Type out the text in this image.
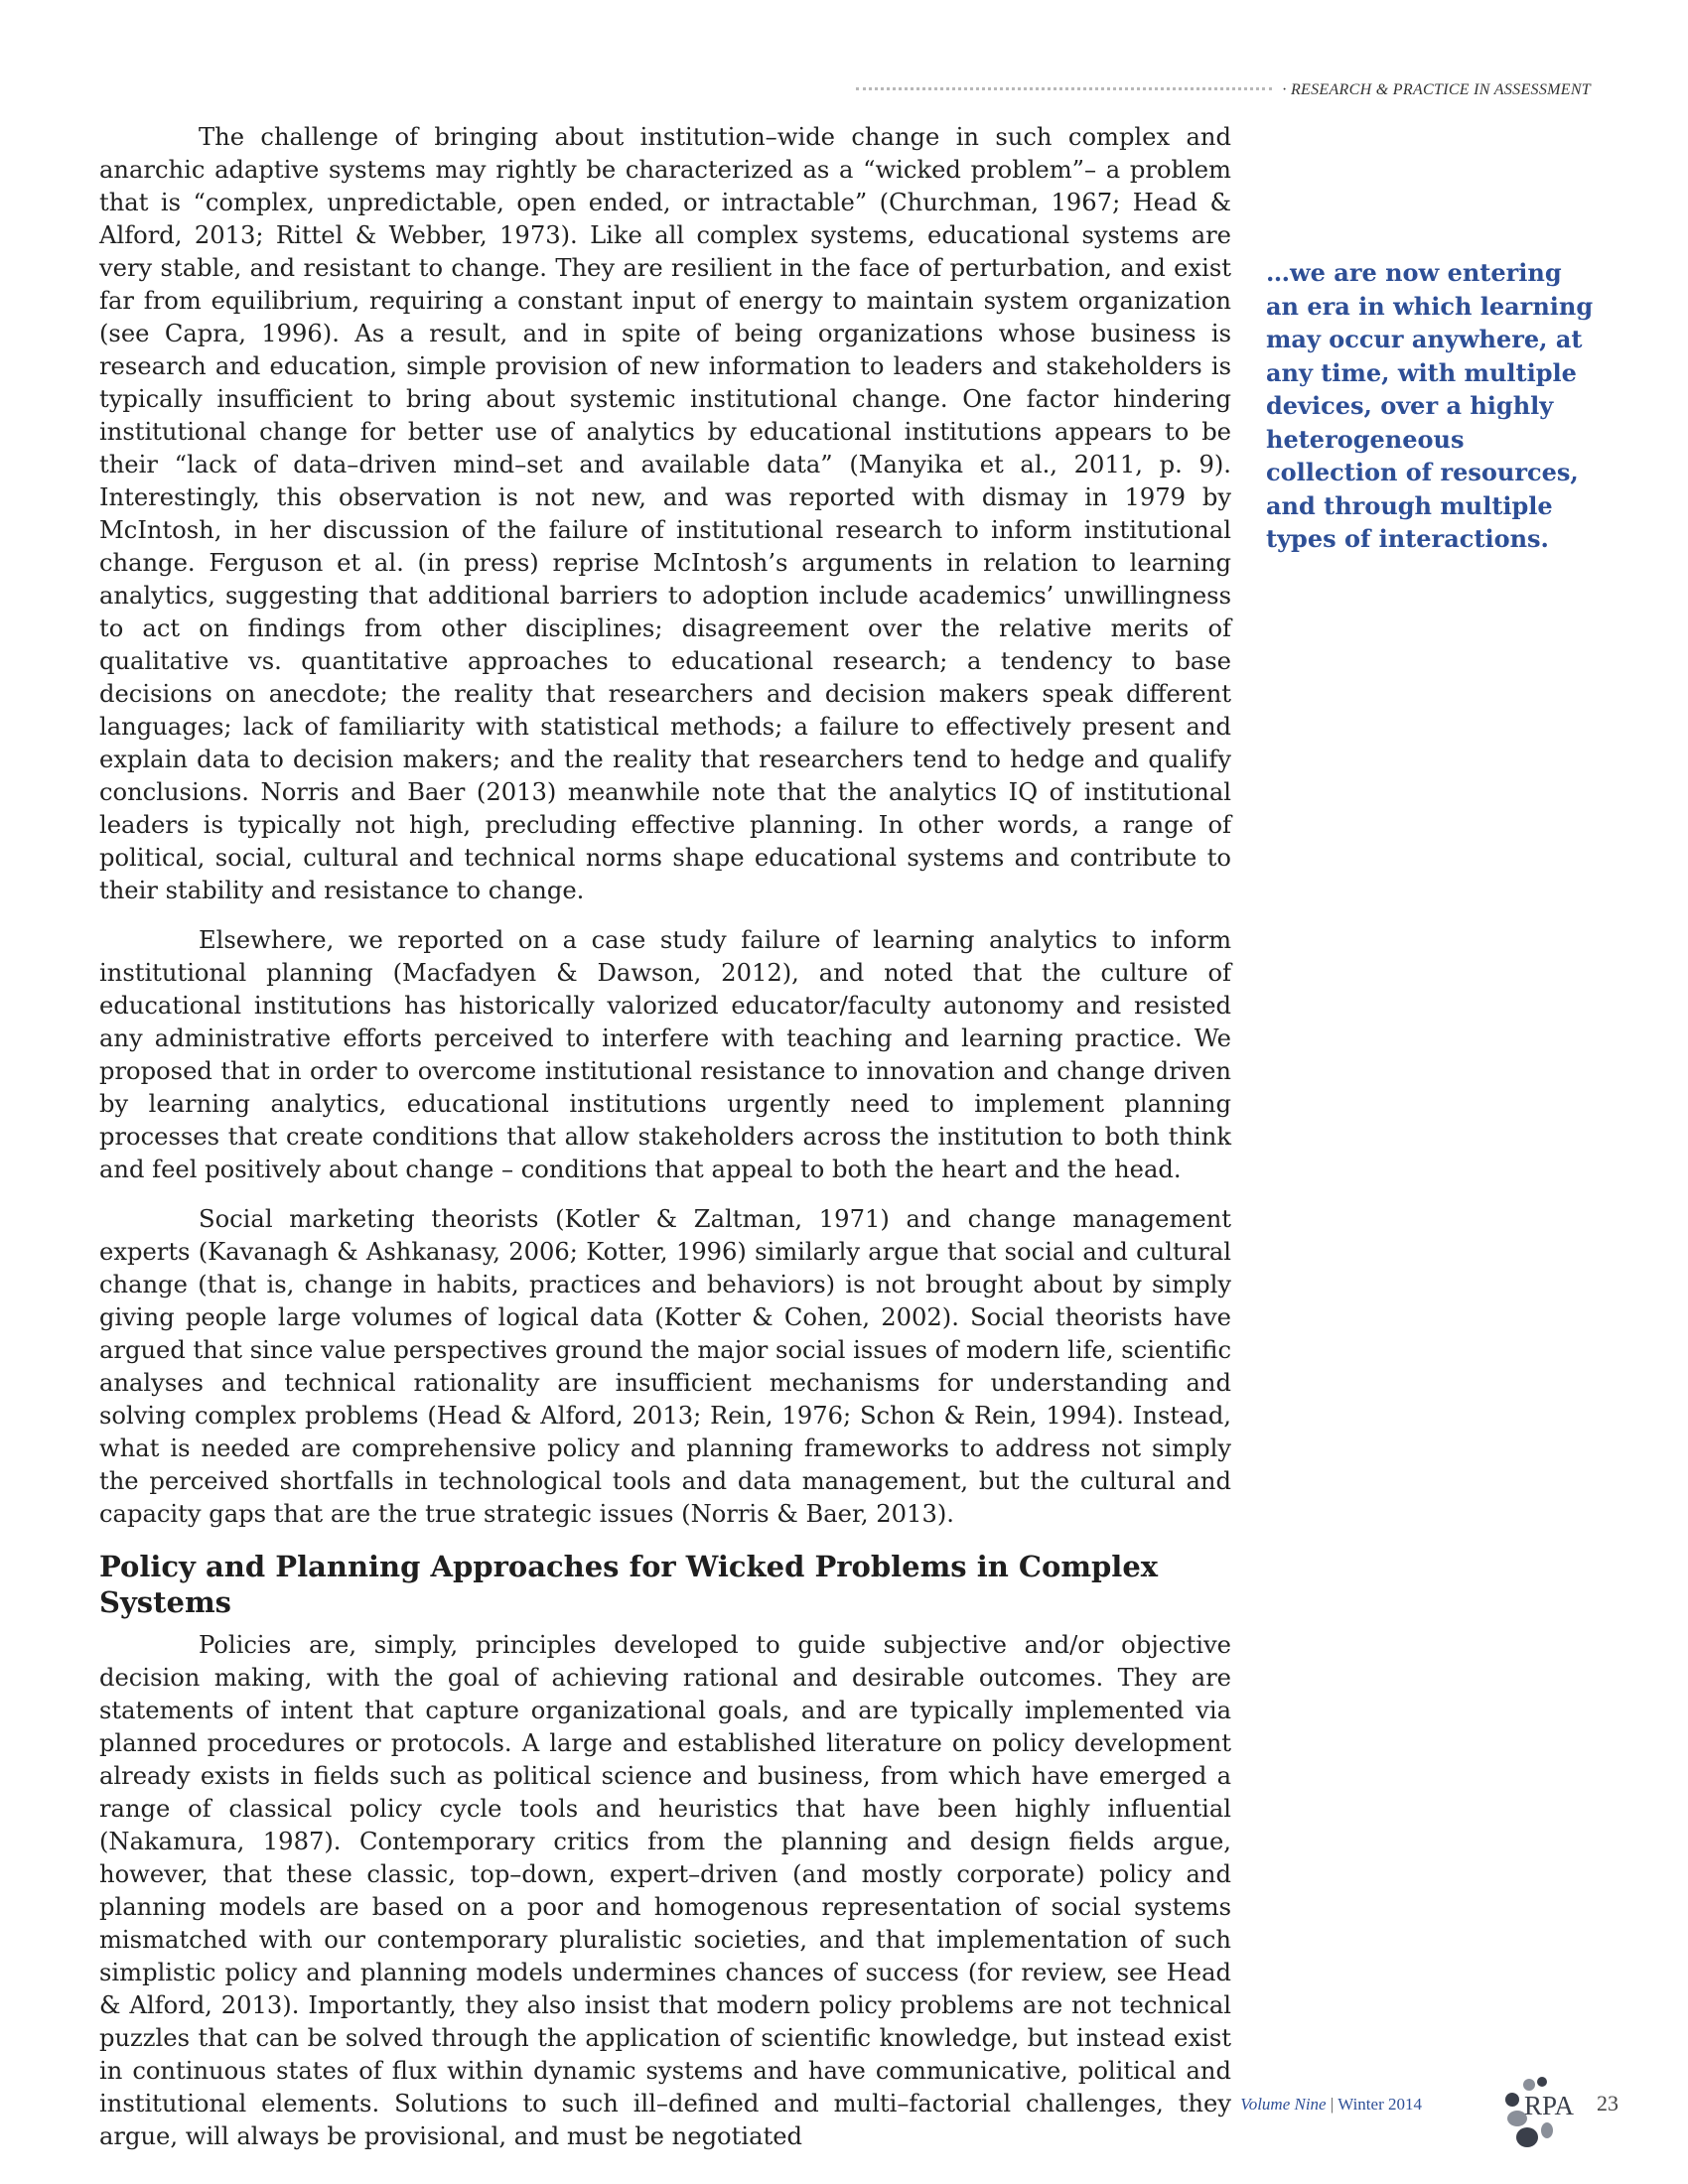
· RESEARCH & PRACTICE IN ASSESSMENT

The challenge of bringing about institution–wide change in such complex and anarchic adaptive systems may rightly be characterized as a “wicked problem”– a problem that is “complex, unpredictable, open ended, or intractable” (Churchman, 1967; Head & Alford, 2013; Rittel & Webber, 1973). Like all complex systems, educational systems are very stable, and resistant to change. They are resilient in the face of perturbation, and exist far from equilibrium, requiring a constant input of energy to maintain system organization (see Capra, 1996). As a result, and in spite of being organizations whose business is research and education, simple provision of new information to leaders and stakeholders is typically insufficient to bring about systemic institutional change. One factor hindering institutional change for better use of analytics by educational institutions appears to be their “lack of data–driven mind–set and available data” (Manyika et al., 2011, p. 9). Interestingly, this observation is not new, and was reported with dismay in 1979 by McIntosh, in her discussion of the failure of institutional research to inform institutional change. Ferguson et al. (in press) reprise McIntosh’s arguments in relation to learning analytics, suggesting that additional barriers to adoption include academics’ unwillingness to act on findings from other disciplines; disagreement over the relative merits of qualitative vs. quantitative approaches to educational research; a tendency to base decisions on anecdote; the reality that researchers and decision makers speak different languages; lack of familiarity with statistical methods; a failure to effectively present and explain data to decision makers; and the reality that researchers tend to hedge and qualify conclusions. Norris and Baer (2013) meanwhile note that the analytics IQ of institutional leaders is typically not high, precluding effective planning. In other words, a range of political, social, cultural and technical norms shape educational systems and contribute to their stability and resistance to change.

Elsewhere, we reported on a case study failure of learning analytics to inform institutional planning (Macfadyen & Dawson, 2012), and noted that the culture of educational institutions has historically valorized educator/faculty autonomy and resisted any administrative efforts perceived to interfere with teaching and learning practice. We proposed that in order to overcome institutional resistance to innovation and change driven by learning analytics, educational institutions urgently need to implement planning processes that create conditions that allow stakeholders across the institution to both think and feel positively about change – conditions that appeal to both the heart and the head.

Social marketing theorists (Kotler & Zaltman, 1971) and change management experts (Kavanagh & Ashkanasy, 2006; Kotter, 1996) similarly argue that social and cultural change (that is, change in habits, practices and behaviors) is not brought about by simply giving people large volumes of logical data (Kotter & Cohen, 2002). Social theorists have argued that since value perspectives ground the major social issues of modern life, scientific analyses and technical rationality are insufficient mechanisms for understanding and solving complex problems (Head & Alford, 2013; Rein, 1976; Schon & Rein, 1994). Instead, what is needed are comprehensive policy and planning frameworks to address not simply the perceived shortfalls in technological tools and data management, but the cultural and capacity gaps that are the true strategic issues (Norris & Baer, 2013).

Policy and Planning Approaches for Wicked Problems in Complex Systems

Policies are, simply, principles developed to guide subjective and/or objective decision making, with the goal of achieving rational and desirable outcomes. They are statements of intent that capture organizational goals, and are typically implemented via planned procedures or protocols. A large and established literature on policy development already exists in fields such as political science and business, from which have emerged a range of classical policy cycle tools and heuristics that have been highly influential (Nakamura, 1987). Contemporary critics from the planning and design fields argue, however, that these classic, top–down, expert–driven (and mostly corporate) policy and planning models are based on a poor and homogenous representation of social systems mismatched with our contemporary pluralistic societies, and that implementation of such simplistic policy and planning models undermines chances of success (for review, see Head & Alford, 2013). Importantly, they also insist that modern policy problems are not technical puzzles that can be solved through the application of scientific knowledge, but instead exist in continuous states of flux within dynamic systems and have communicative, political and institutional elements. Solutions to such ill–defined and multi–factorial challenges, they argue, will always be provisional, and must be negotiated

…we are now entering an era in which learning may occur anywhere, at any time, with multiple devices, over a highly heterogeneous collection of resources, and through multiple types of interactions.

Volume Nine | Winter 2014	RPA 23
